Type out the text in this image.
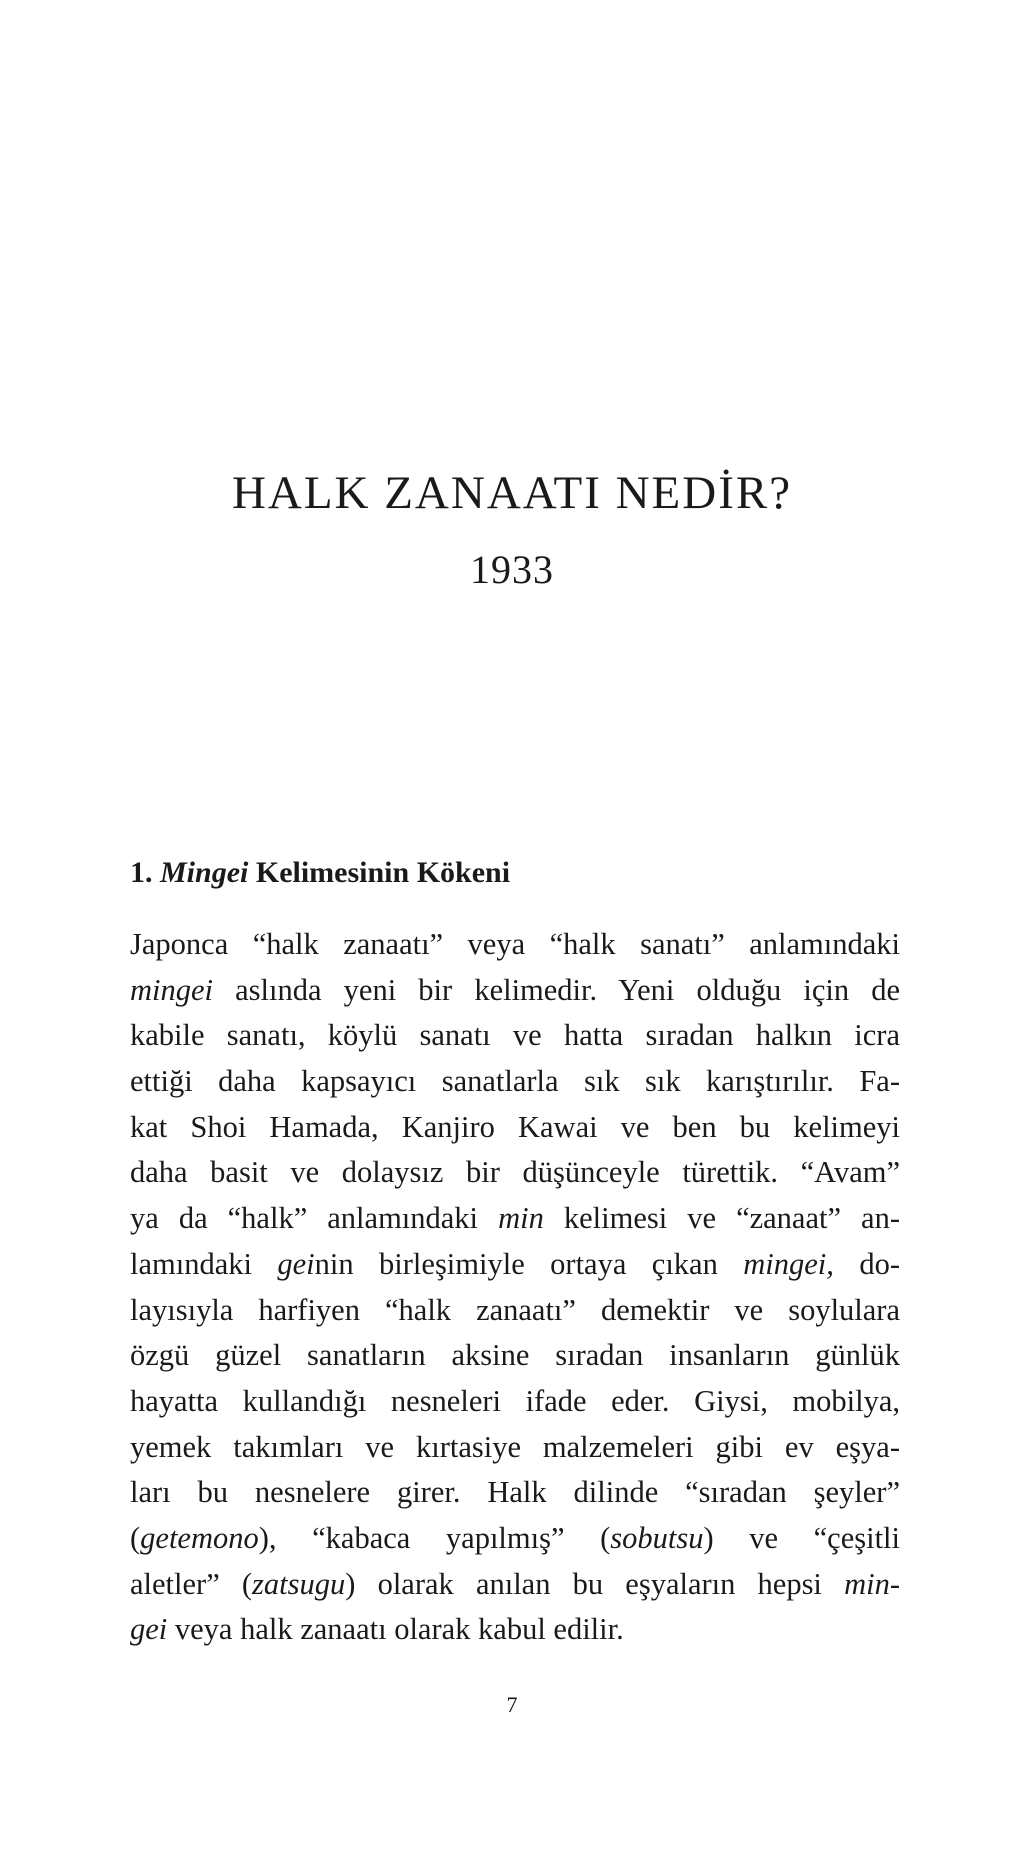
HALK ZANAATI NEDİR?
1933
1. Mingei Kelimesinin Kökeni
Japonca “halk zanaatı” veya “halk sanatı” anlamındaki
mingei aslında yeni bir kelimedir. Yeni olduğu için de
kabile sanatı, köylü sanatı ve hatta sıradan halkın icra
ettiği daha kapsayıcı sanatlarla sık sık karıştırılır. Fa-
kat Shoi Hamada, Kanjiro Kawai ve ben bu kelimeyi
daha basit ve dolaysız bir düşünceyle türettik. “Avam”
ya da “halk” anlamındaki min kelimesi ve “zanaat” an-
lamındaki geinin birleşimiyle ortaya çıkan mingei, do-
layısıyla harfiyen “halk zanaatı” demektir ve soylulara
özgü güzel sanatların aksine sıradan insanların günlük
hayatta kullandığı nesneleri ifade eder. Giysi, mobilya,
yemek takımları ve kırtasiye malzemeleri gibi ev eşya-
ları bu nesnelere girer. Halk dilinde “sıradan şeyler”
(getemono), “kabaca yapılmış” (sobutsu) ve “çeşitli
aletler” (zatsugu) olarak anılan bu eşyaların hepsi min-
gei veya halk zanaatı olarak kabul edilir.
7
